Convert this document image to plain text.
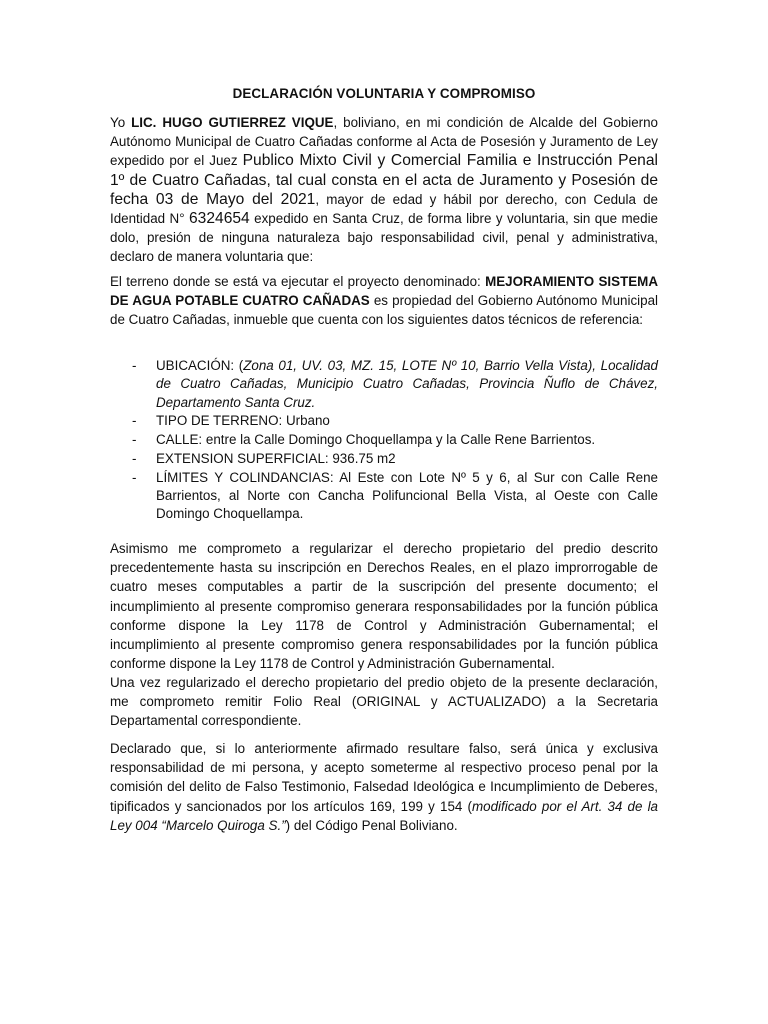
DECLARACIÓN VOLUNTARIA Y COMPROMISO
Yo LIC. HUGO GUTIERREZ VIQUE, boliviano, en mi condición de Alcalde del Gobierno Autónomo Municipal de Cuatro Cañadas conforme al Acta de Posesión y Juramento de Ley expedido por el Juez Publico Mixto Civil y Comercial Familia e Instrucción Penal 1º de Cuatro Cañadas, tal cual consta en el acta de Juramento y Posesión de fecha 03 de Mayo del 2021, mayor de edad y hábil por derecho, con Cedula de Identidad N° 6324654 expedido en Santa Cruz, de forma libre y voluntaria, sin que medie dolo, presión de ninguna naturaleza bajo responsabilidad civil, penal y administrativa, declaro de manera voluntaria que:
El terreno donde se está va ejecutar el proyecto denominado: MEJORAMIENTO SISTEMA DE AGUA POTABLE CUATRO CAÑADAS es propiedad del Gobierno Autónomo Municipal de Cuatro Cañadas, inmueble que cuenta con los siguientes datos técnicos de referencia:
- UBICACIÓN: (Zona 01, UV. 03, MZ. 15, LOTE Nº 10, Barrio Vella Vista), Localidad de Cuatro Cañadas, Municipio Cuatro Cañadas, Provincia Ñuflo de Chávez, Departamento Santa Cruz.
- TIPO DE TERRENO: Urbano
- CALLE: entre la Calle Domingo Choquellampa y la Calle Rene Barrientos.
- EXTENSION SUPERFICIAL: 936.75 m2
- LÍMITES Y COLINDANCIAS: Al Este con Lote Nº 5 y 6, al Sur con Calle Rene Barrientos, al Norte con Cancha Polifuncional Bella Vista, al Oeste con Calle Domingo Choquellampa.
Asimismo me comprometo a regularizar el derecho propietario del predio descrito precedentemente hasta su inscripción en Derechos Reales, en el plazo improrrogable de cuatro meses computables a partir de la suscripción del presente documento; el incumplimiento al presente compromiso generara responsabilidades por la función pública conforme dispone la Ley 1178 de Control y Administración Gubernamental; el incumplimiento al presente compromiso genera responsabilidades por la función pública conforme dispone la Ley 1178 de Control y Administración Gubernamental.
Una vez regularizado el derecho propietario del predio objeto de la presente declaración, me comprometo remitir Folio Real (ORIGINAL y ACTUALIZADO) a la Secretaria Departamental correspondiente.
Declarado que, si lo anteriormente afirmado resultare falso, será única y exclusiva responsabilidad de mi persona, y acepto someterme al respectivo proceso penal por la comisión del delito de Falso Testimonio, Falsedad Ideológica e Incumplimiento de Deberes, tipificados y sancionados por los artículos 169, 199 y 154 (modificado por el Art. 34 de la Ley 004 “Marcelo Quiroga S.”) del Código Penal Boliviano.
